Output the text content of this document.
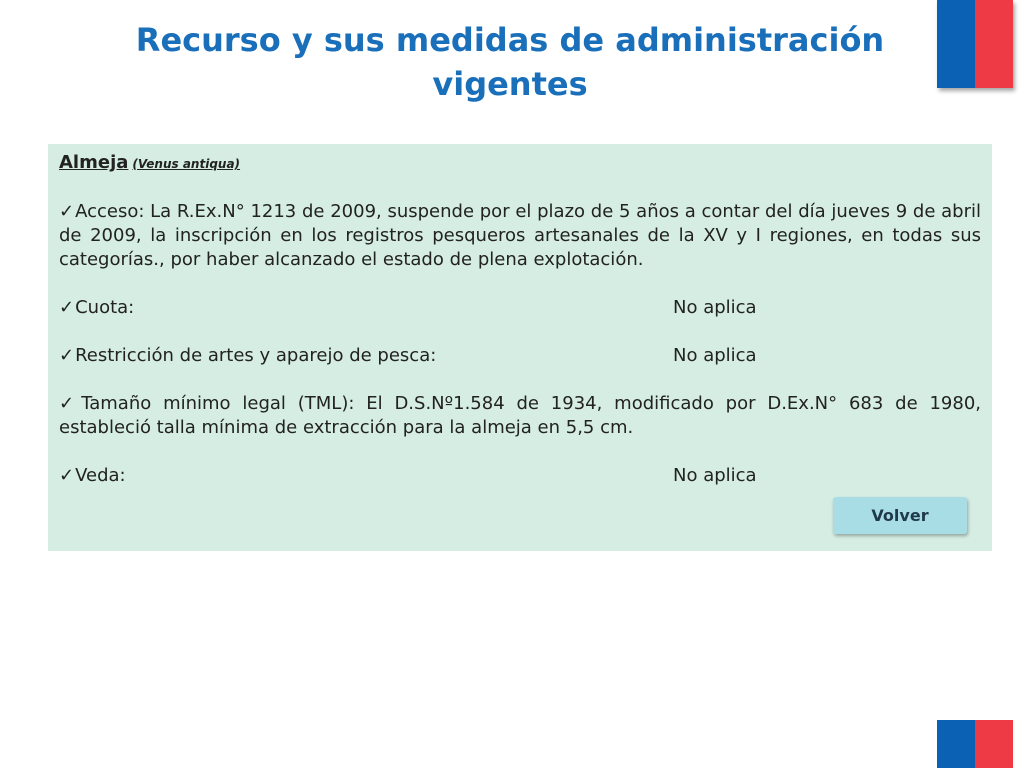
Recurso y sus medidas de administración vigentes

Almeja (Venus antiqua)

✓Acceso: La R.Ex.N° 1213 de 2009, suspende por el plazo de 5 años a contar del día jueves 9 de abril de 2009, la inscripción en los registros pesqueros artesanales de la XV y I regiones, en todas sus categorías., por haber alcanzado el estado de plena explotación.

✓Cuota:	No aplica
✓Restricción de artes y aparejo de pesca:	No aplica

✓Tamaño mínimo legal (TML): El D.S.Nº1.584 de 1934, modificado por D.Ex.N° 683 de 1980, estableció talla mínima de extracción para la almeja en 5,5 cm.

✓Veda:	No aplica
Volver
